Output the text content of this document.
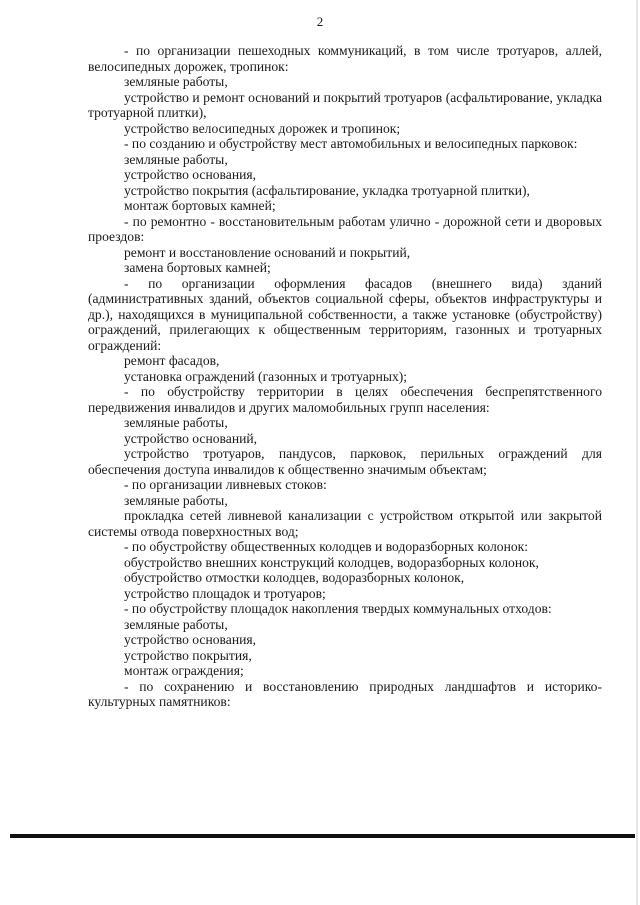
2

- по организации пешеходных коммуникаций, в том числе тротуаров, аллей, велосипедных дорожек, тропинок:

земляные работы,

устройство и ремонт оснований и покрытий тротуаров (асфальтирование, укладка тротуарной плитки),

устройство велосипедных дорожек и тропинок;

- по созданию и обустройству мест автомобильных и велосипедных парковок:

земляные работы,

устройство основания,

устройство покрытия (асфальтирование, укладка тротуарной плитки),

монтаж бортовых камней;

- по ремонтно - восстановительным работам улично - дорожной сети и дворовых проездов:

ремонт и восстановление оснований и покрытий,

замена бортовых камней;

- по организации оформления фасадов (внешнего вида) зданий (административных зданий, объектов социальной сферы, объектов инфраструктуры и др.), находящихся в муниципальной собственности, а также установке (обустройству) ограждений, прилегающих к общественным территориям, газонных и тротуарных ограждений:

ремонт фасадов,

установка ограждений (газонных и тротуарных);

- по обустройству территории в целях обеспечения беспрепятственного передвижения инвалидов и других маломобильных групп населения:

земляные работы,

устройство оснований,

устройство тротуаров, пандусов, парковок, перильных ограждений для обеспечения доступа инвалидов к общественно значимым объектам;

- по организации ливневых стоков:

земляные работы,

прокладка сетей ливневой канализации с устройством открытой или закрытой системы отвода поверхностных вод;

- по обустройству общественных колодцев и водоразборных колонок:

обустройство внешних конструкций колодцев, водоразборных колонок,

обустройство отмостки колодцев, водоразборных колонок,

устройство площадок и тротуаров;

- по обустройству площадок накопления твердых коммунальных отходов:

земляные работы,

устройство основания,

устройство покрытия,

монтаж ограждения;

- по сохранению и восстановлению природных ландшафтов и историко-культурных памятников:
